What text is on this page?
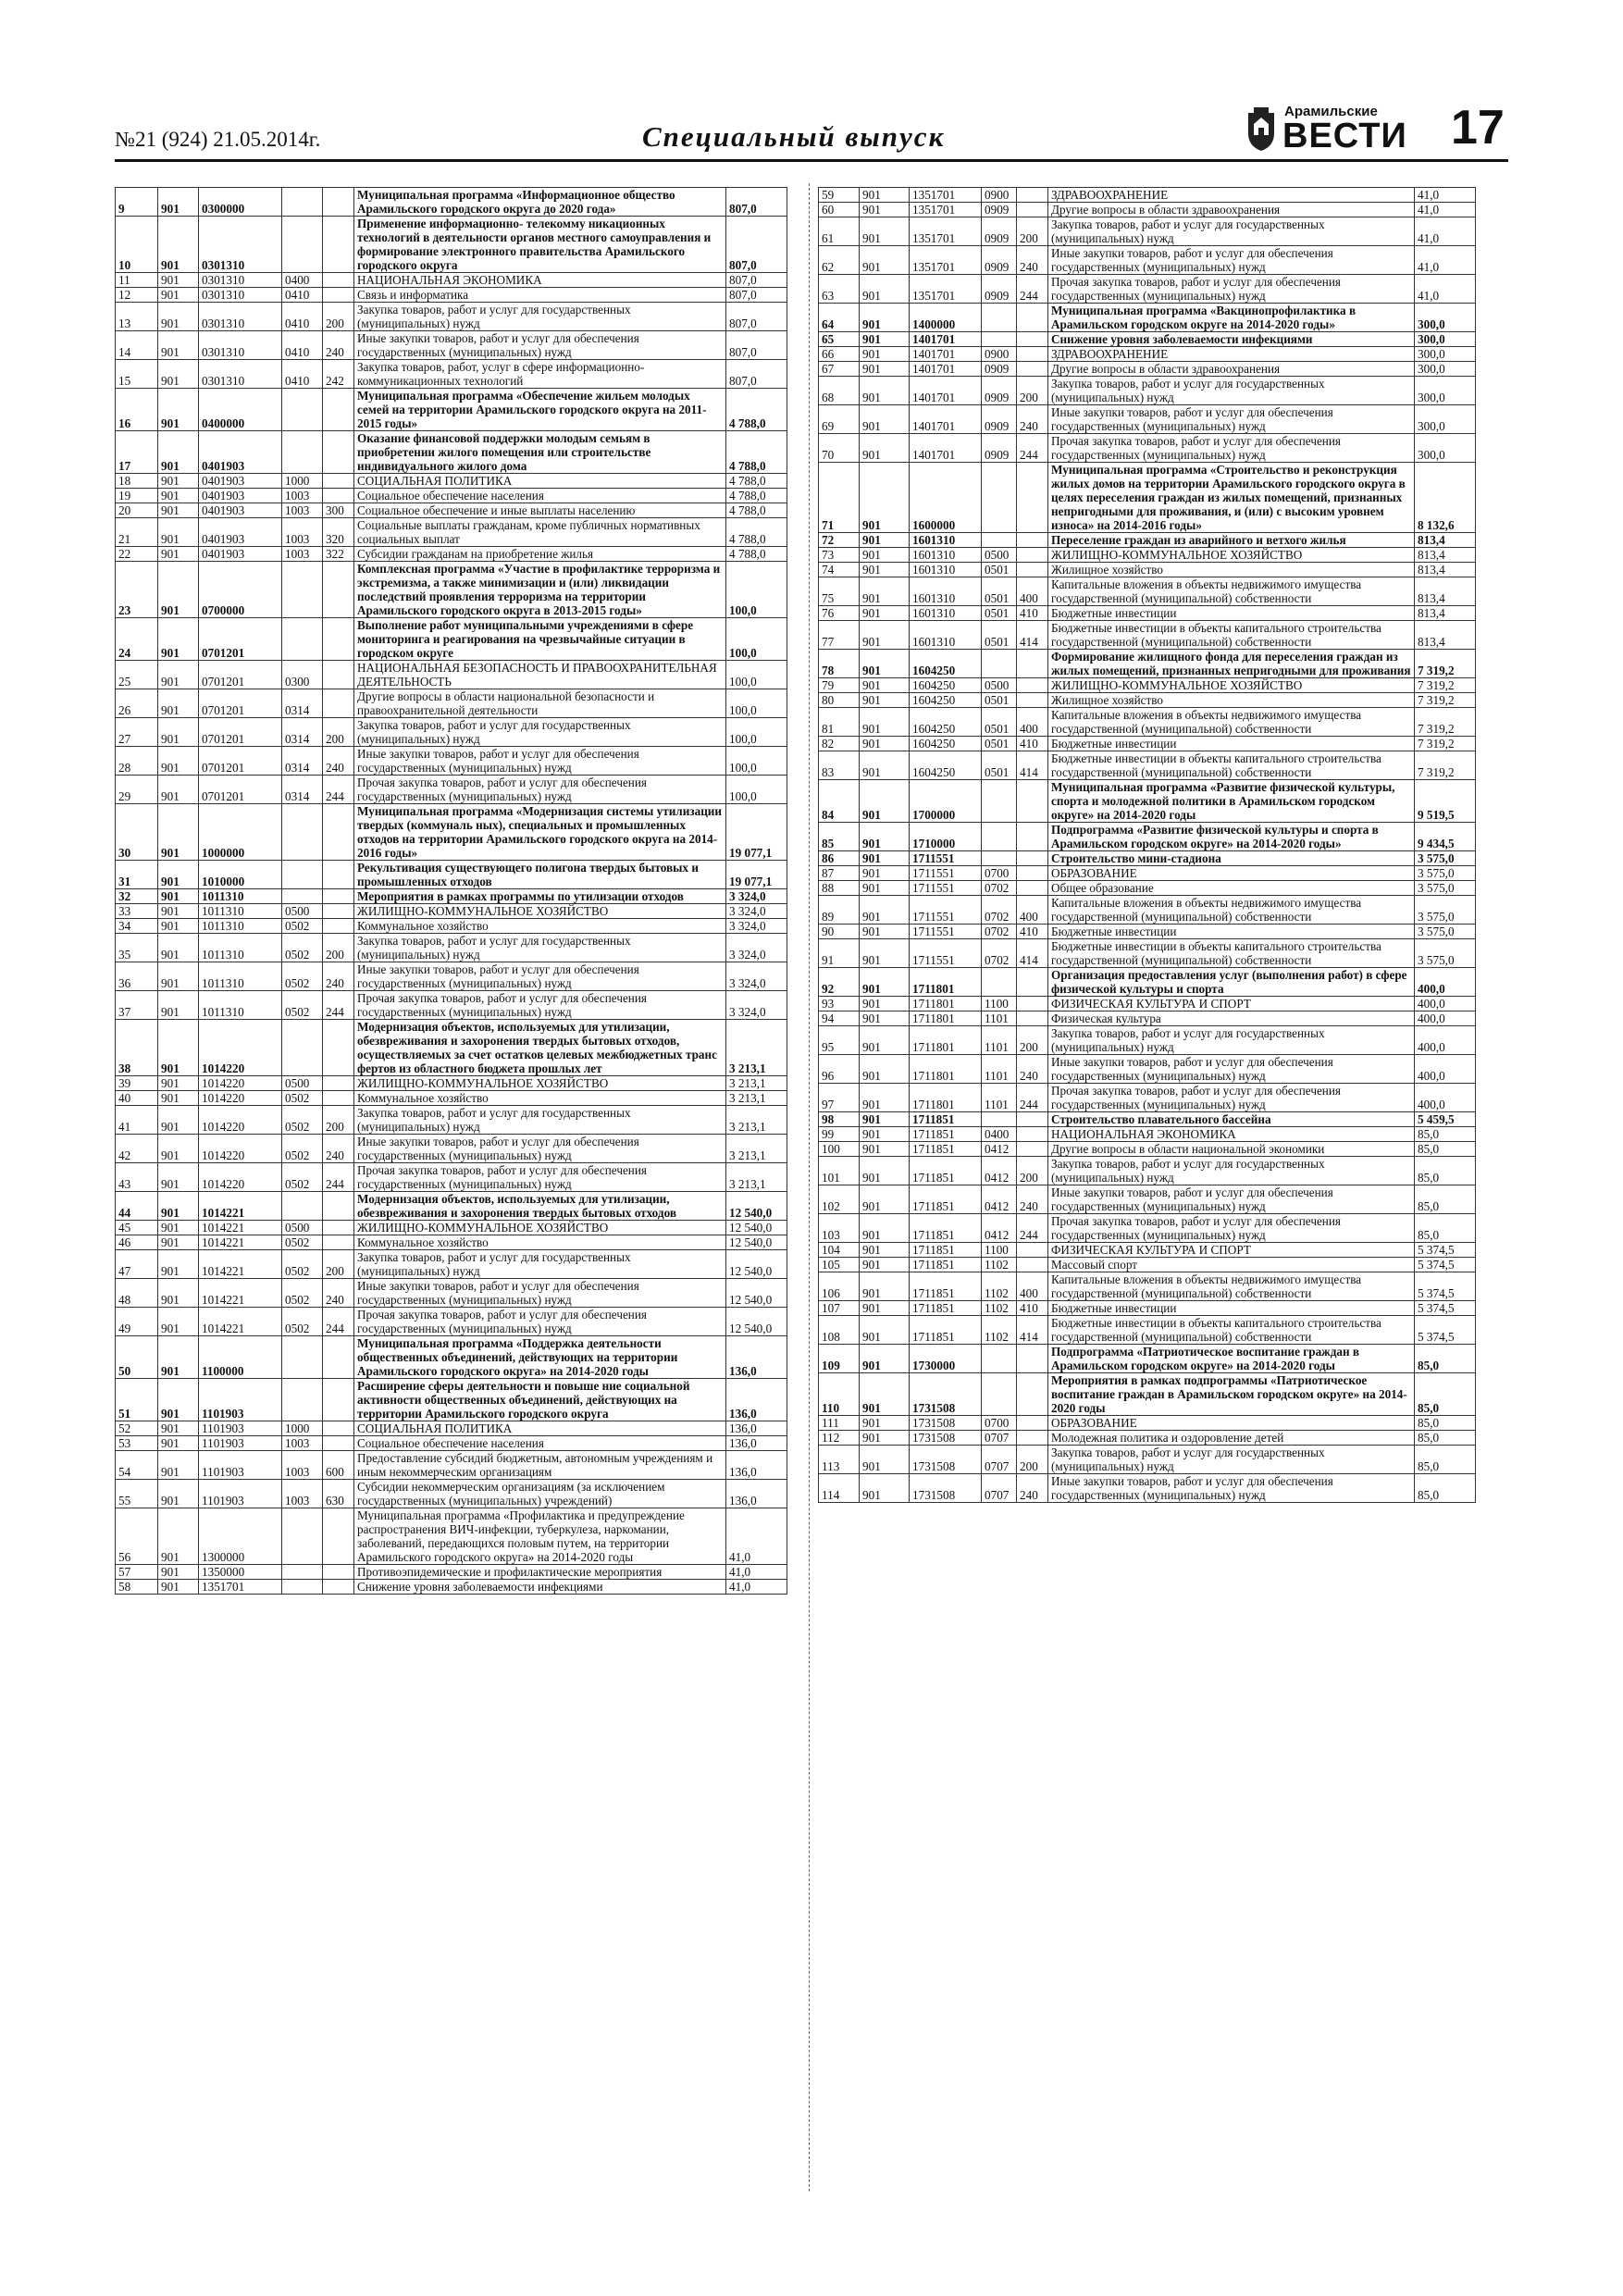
№21 (924) 21.05.2014г.	Специальный выпуск
Арамильские
ВЕСТИ 17
9	901	0300000			Муниципальная программа «Информационное общество Арамильского городского округа до 2020 года»	807,0
10	901	0301310			Применение информационно- телекомму никационных технологий в деятельности органов местного самоуправления и формирование электронного правительства Арамильского городского округа	807,0
11	901	0301310	0400		НАЦИОНАЛЬНАЯ ЭКОНОМИКА	807,0
12	901	0301310	0410		Связь и информатика	807,0
13	901	0301310	0410	200	Закупка товаров, работ и услуг для государственных (муниципальных) нужд	807,0
14	901	0301310	0410	240	Иные закупки товаров, работ и услуг для обеспечения государственных (муниципальных) нужд	807,0
15	901	0301310	0410	242	Закупка товаров, работ, услуг в сфере информационно-коммуникационных технологий	807,0
16	901	0400000			Муниципальная программа «Обеспечение жильем молодых семей на территории Арамильского городского округа на 2011-2015 годы»	4 788,0
17	901	0401903			Оказание финансовой поддержки молодым семьям в приобретении жилого помещения или строительстве индивидуального жилого дома	4 788,0
18	901	0401903	1000		СОЦИАЛЬНАЯ ПОЛИТИКА	4 788,0
19	901	0401903	1003		Социальное обеспечение населения	4 788,0
20	901	0401903	1003	300	Социальное обеспечение и иные выплаты населению	4 788,0
21	901	0401903	1003	320	Социальные выплаты гражданам, кроме публичных нормативных социальных выплат	4 788,0
22	901	0401903	1003	322	Субсидии гражданам на приобретение жилья	4 788,0
23	901	0700000			Комплексная программа «Участие в профилактике терроризма и экстремизма, а также минимизации и (или) ликвидации последствий проявления терроризма на территории Арамильского городского округа в 2013-2015 годы»	100,0
24	901	0701201			Выполнение работ муниципальными учреждениями в сфере мониторинга и реагирования на чрезвычайные ситуации в городском округе	100,0
25	901	0701201	0300		НАЦИОНАЛЬНАЯ БЕЗОПАСНОСТЬ И ПРАВООХРАНИТЕЛЬНАЯ ДЕЯТЕЛЬНОСТЬ	100,0
26	901	0701201	0314		Другие вопросы в области национальной безопасности и правоохранительной деятельности	100,0
27	901	0701201	0314	200	Закупка товаров, работ и услуг для государственных (муниципальных) нужд	100,0
28	901	0701201	0314	240	Иные закупки товаров, работ и услуг для обеспечения государственных (муниципальных) нужд	100,0
29	901	0701201	0314	244	Прочая закупка товаров, работ и услуг для обеспечения государственных (муниципальных) нужд	100,0
30	901	1000000			Муниципальная программа «Модернизация системы утилизации твердых (коммуналь ных), специальных и промышленных отходов на территории Арамильского городского округа на 2014-2016 годы»	19 077,1
31	901	1010000			Рекультивация существующего полигона твердых бытовых и промышленных отходов	19 077,1
32	901	1011310			Мероприятия в рамках программы по утилизации отходов	3 324,0
33	901	1011310	0500		ЖИЛИЩНО-КОММУНАЛЬНОЕ ХОЗЯЙСТВО	3 324,0
34	901	1011310	0502		Коммунальное хозяйство	3 324,0
35	901	1011310	0502	200	Закупка товаров, работ и услуг для государственных (муниципальных) нужд	3 324,0
36	901	1011310	0502	240	Иные закупки товаров, работ и услуг для обеспечения государственных (муниципальных) нужд	3 324,0
37	901	1011310	0502	244	Прочая закупка товаров, работ и услуг для обеспечения государственных (муниципальных) нужд	3 324,0
38	901	1014220			Модернизация объектов, используемых для утилизации, обезвреживания и захоронения твердых бытовых отходов, осуществляемых за счет остатков целевых межбюджетных транс фертов из областного бюджета прошлых лет	3 213,1
39	901	1014220	0500		ЖИЛИЩНО-КОММУНАЛЬНОЕ ХОЗЯЙСТВО	3 213,1
40	901	1014220	0502		Коммунальное хозяйство	3 213,1
41	901	1014220	0502	200	Закупка товаров, работ и услуг для государственных (муниципальных) нужд	3 213,1
42	901	1014220	0502	240	Иные закупки товаров, работ и услуг для обеспечения государственных (муниципальных) нужд	3 213,1
43	901	1014220	0502	244	Прочая закупка товаров, работ и услуг для обеспечения государственных (муниципальных) нужд	3 213,1
44	901	1014221			Модернизация объектов, используемых для утилизации, обезвреживания и захоронения твердых бытовых отходов	12 540,0
45	901	1014221	0500		ЖИЛИЩНО-КОММУНАЛЬНОЕ ХОЗЯЙСТВО	12 540,0
46	901	1014221	0502		Коммунальное хозяйство	12 540,0
47	901	1014221	0502	200	Закупка товаров, работ и услуг для государственных (муниципальных) нужд	12 540,0
48	901	1014221	0502	240	Иные закупки товаров, работ и услуг для обеспечения государственных (муниципальных) нужд	12 540,0
49	901	1014221	0502	244	Прочая закупка товаров, работ и услуг для обеспечения государственных (муниципальных) нужд	12 540,0
50	901	1100000			Муниципальная программа «Поддержка деятельности общественных объединений, действующих на территории Арамильского городского округа» на 2014-2020 годы	136,0
51	901	1101903			Расширение сферы деятельности и повыше ние социальной активности общественных объединений, действующих на территории Арамильского городского округа	136,0
52	901	1101903	1000		СОЦИАЛЬНАЯ ПОЛИТИКА	136,0
53	901	1101903	1003		Социальное обеспечение населения	136,0
54	901	1101903	1003	600	Предоставление субсидий бюджетным, автономным учреждениям и иным некоммерческим организациям	136,0
55	901	1101903	1003	630	Субсидии некоммерческим организациям (за исключением государственных (муниципальных) учреждений)	136,0
56	901	1300000			Муниципальная программа «Профилактика и предупреждение распространения ВИЧ-инфекции, туберкулеза, наркомании, заболеваний, передающихся половым путем, на территории Арамильского городского округа» на 2014-2020 годы	41,0
57	901	1350000			Противоэпидемические и профилактические мероприятия	41,0
58	901	1351701			Снижение уровня заболеваемости инфекциями	41,0
59	901	1351701	0900		ЗДРАВООХРАНЕНИЕ	41,0
60	901	1351701	0909		Другие вопросы в области здравоохранения	41,0
61	901	1351701	0909	200	Закупка товаров, работ и услуг для государственных (муниципальных) нужд	41,0
62	901	1351701	0909	240	Иные закупки товаров, работ и услуг для обеспечения государственных (муниципальных) нужд	41,0
63	901	1351701	0909	244	Прочая закупка товаров, работ и услуг для обеспечения государственных (муниципальных) нужд	41,0
64	901	1400000			Муниципальная программа «Вакцинопрофилактика в Арамильском городском округе на 2014-2020 годы»	300,0
65	901	1401701			Снижение уровня заболеваемости инфекциями	300,0
66	901	1401701	0900		ЗДРАВООХРАНЕНИЕ	300,0
67	901	1401701	0909		Другие вопросы в области здравоохранения	300,0
68	901	1401701	0909	200	Закупка товаров, работ и услуг для государственных (муниципальных) нужд	300,0
69	901	1401701	0909	240	Иные закупки товаров, работ и услуг для обеспечения государственных (муниципальных) нужд	300,0
70	901	1401701	0909	244	Прочая закупка товаров, работ и услуг для обеспечения государственных (муниципальных) нужд	300,0
71	901	1600000			Муниципальная программа «Строительство и реконструкция жилых домов на территории Арамильского городского округа в целях переселения граждан из жилых помещений, признанных непригодными для проживания, и (или) с высоким уровнем износа» на 2014-2016 годы»	8 132,6
72	901	1601310			Переселение граждан из аварийного и ветхого жилья	813,4
73	901	1601310	0500		ЖИЛИЩНО-КОММУНАЛЬНОЕ ХОЗЯЙСТВО	813,4
74	901	1601310	0501		Жилищное хозяйство	813,4
75	901	1601310	0501	400	Капитальные вложения в объекты недвижимого имущества государственной (муниципальной) собственности	813,4
76	901	1601310	0501	410	Бюджетные инвестиции	813,4
77	901	1601310	0501	414	Бюджетные инвестиции в объекты капитального строительства государственной (муниципальной) собственности	813,4
78	901	1604250			Формирование жилищного фонда для переселения граждан из жилых помещений, признанных непригодными для проживания	7 319,2
79	901	1604250	0500		ЖИЛИЩНО-КОММУНАЛЬНОЕ ХОЗЯЙСТВО	7 319,2
80	901	1604250	0501		Жилищное хозяйство	7 319,2
81	901	1604250	0501	400	Капитальные вложения в объекты недвижимого имущества государственной (муниципальной) собственности	7 319,2
82	901	1604250	0501	410	Бюджетные инвестиции	7 319,2
83	901	1604250	0501	414	Бюджетные инвестиции в объекты капитального строительства государственной (муниципальной) собственности	7 319,2
84	901	1700000			Муниципальная программа «Развитие физической культуры, спорта и молодежной политики в Арамильском городском округе» на 2014-2020 годы	9 519,5
85	901	1710000			Подпрограмма «Развитие физической культуры и спорта в Арамильском городском округе» на 2014-2020 годы»	9 434,5
86	901	1711551			Строительство мини-стадиона	3 575,0
87	901	1711551	0700		ОБРАЗОВАНИЕ	3 575,0
88	901	1711551	0702		Общее образование	3 575,0
89	901	1711551	0702	400	Капитальные вложения в объекты недвижимого имущества государственной (муниципальной) собственности	3 575,0
90	901	1711551	0702	410	Бюджетные инвестиции	3 575,0
91	901	1711551	0702	414	Бюджетные инвестиции в объекты капитального строительства государственной (муниципальной) собственности	3 575,0
92	901	1711801			Организация предоставления услуг (выполнения работ) в сфере физической культуры и спорта	400,0
93	901	1711801	1100		ФИЗИЧЕСКАЯ КУЛЬТУРА И СПОРТ	400,0
94	901	1711801	1101		Физическая культура	400,0
95	901	1711801	1101	200	Закупка товаров, работ и услуг для государственных (муниципальных) нужд	400,0
96	901	1711801	1101	240	Иные закупки товаров, работ и услуг для обеспечения государственных (муниципальных) нужд	400,0
97	901	1711801	1101	244	Прочая закупка товаров, работ и услуг для обеспечения государственных (муниципальных) нужд	400,0
98	901	1711851			Строительство плавательного бассейна	5 459,5
99	901	1711851	0400		НАЦИОНАЛЬНАЯ ЭКОНОМИКА	85,0
100	901	1711851	0412		Другие вопросы в области национальной экономики	85,0
101	901	1711851	0412	200	Закупка товаров, работ и услуг для государственных (муниципальных) нужд	85,0
102	901	1711851	0412	240	Иные закупки товаров, работ и услуг для обеспечения государственных (муниципальных) нужд	85,0
103	901	1711851	0412	244	Прочая закупка товаров, работ и услуг для обеспечения государственных (муниципальных) нужд	85,0
104	901	1711851	1100		ФИЗИЧЕСКАЯ КУЛЬТУРА И СПОРТ	5 374,5
105	901	1711851	1102		Массовый спорт	5 374,5
106	901	1711851	1102	400	Капитальные вложения в объекты недвижимого имущества государственной (муниципальной) собственности	5 374,5
107	901	1711851	1102	410	Бюджетные инвестиции	5 374,5
108	901	1711851	1102	414	Бюджетные инвестиции в объекты капитального строительства государственной (муниципальной) собственности	5 374,5
109	901	1730000			Подпрограмма «Патриотическое воспитание граждан в Арамильском городском округе» на 2014-2020 годы	85,0
110	901	1731508			Мероприятия в рамках подпрограммы «Патриотическое воспитание граждан в Арамильском городском округе» на 2014-2020 годы	85,0
111	901	1731508	0700		ОБРАЗОВАНИЕ	85,0
112	901	1731508	0707		Молодежная политика и оздоровление детей	85,0
113	901	1731508	0707	200	Закупка товаров, работ и услуг для государственных (муниципальных) нужд	85,0
114	901	1731508	0707	240	Иные закупки товаров, работ и услуг для обеспечения государственных (муниципальных) нужд	85,0
